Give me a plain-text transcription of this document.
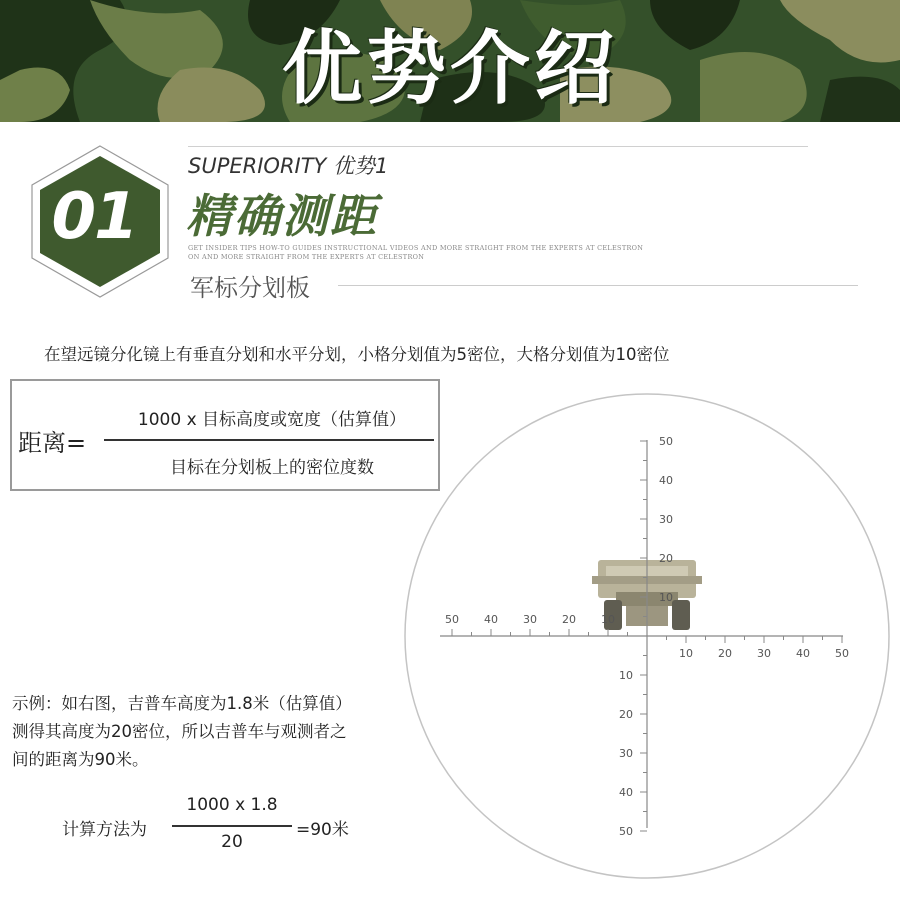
优势介绍
01
SUPERIORITY 优势1
精确测距
GET INSIDER TIPS HOW-TO GUIDES INSTRUCTIONAL VIDEOS AND MORE STRAIGHT FROM THE EXPERTS AT CELESTRON
ON AND MORE STRAIGHT FROM THE EXPERTS AT CELESTRON
军标分划板
在望远镜分化镜上有垂直分划和水平分划，小格分划值为5密位，大格分划值为10密位
10 20 30 40 50
10
20
30
40
50
10
20
30
40
50
10
20
30
40
50
距离=
1000 x 目标高度或宽度（估算值）
目标在分划板上的密位度数
示例：如右图，吉普车高度为1.8米（估算值）
测得其高度为20密位，所以吉普车与观测者之
间的距离为90米。
计算方法为
1000 x 1.8
20
=90米
